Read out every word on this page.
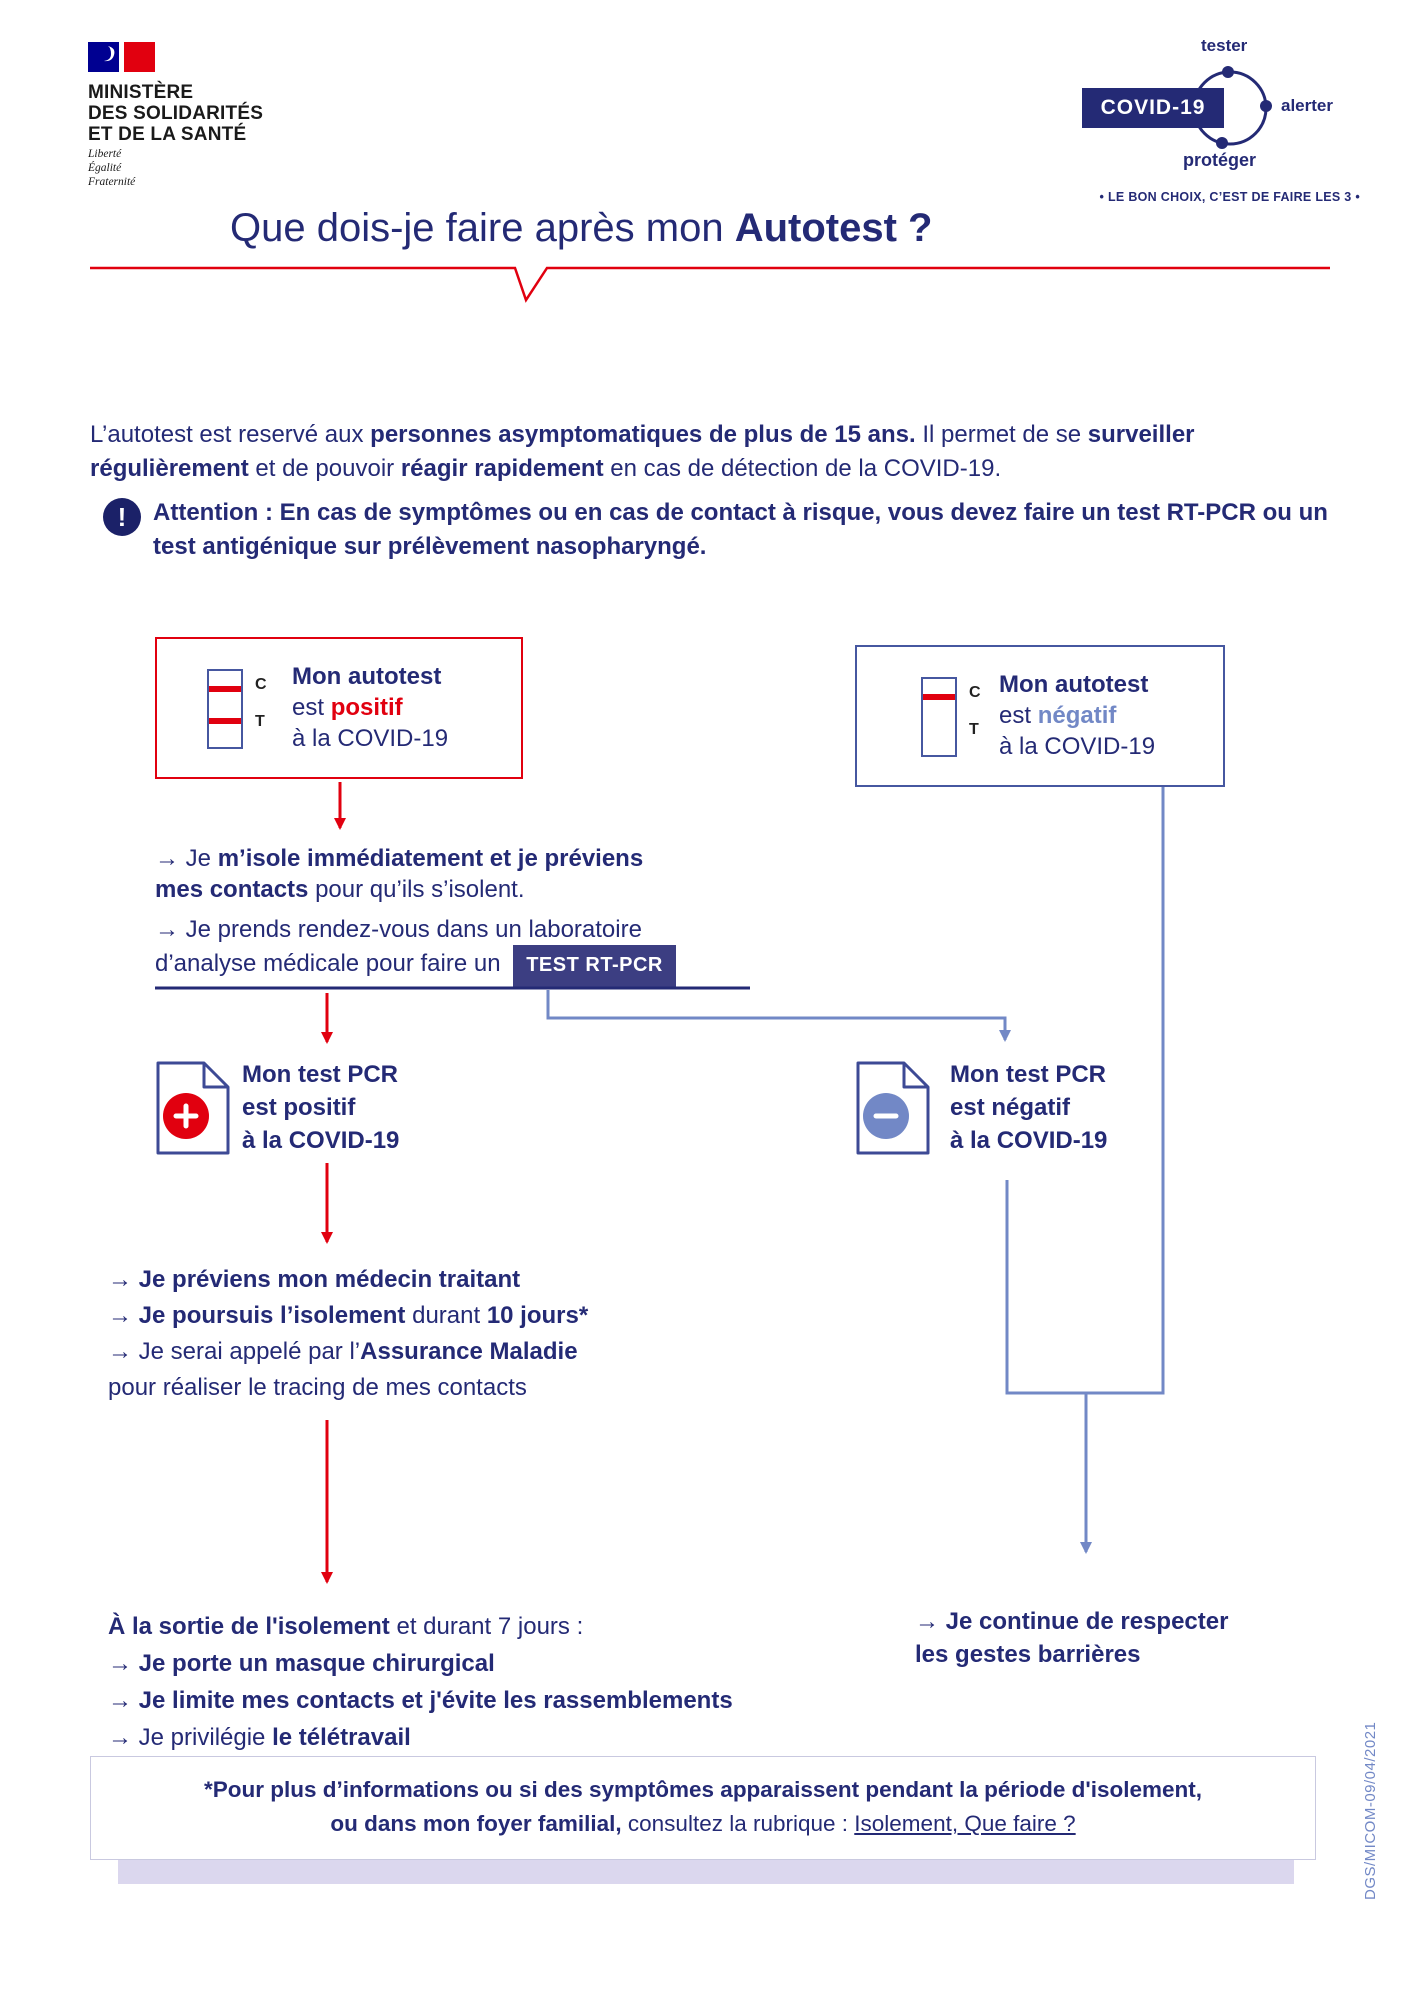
MINISTÈRE
DES SOLIDARITÉS
ET DE LA SANTÉ
Liberté
Égalité
Fraternité
tester
COVID-19	alerter
protéger
• LE BON CHOIX, C’EST DE FAIRE LES 3 •
Que dois-je faire après mon Autotest ?
L’autotest est reservé aux personnes asymptomatiques de plus de 15 ans. Il permet de se surveiller régulièrement et de pouvoir réagir rapidement en cas de détection de la COVID-19.
!	Attention : En cas de symptômes ou en cas de contact à risque, vous devez faire un test RT-PCR ou un test antigénique sur prélèvement nasopharyngé.
C
T
Mon autotest
est positif
à la COVID-19
C
T
Mon autotest
est négatif
à la COVID-19
→ Je m’isole immédiatement et je préviens
mes contacts pour qu’ils s’isolent.
→ Je prends rendez-vous dans un laboratoire
d’analyse médicale pour faire un TEST RT-PCR
Mon test PCR
est positif
à la COVID-19
Mon test PCR
est négatif
à la COVID-19
→ Je préviens mon médecin traitant
→ Je poursuis l’isolement durant 10 jours*
→ Je serai appelé par l’Assurance Maladie
pour réaliser le tracing de mes contacts
À la sortie de l'isolement et durant 7 jours :
→ Je porte un masque chirurgical
→ Je limite mes contacts et j'évite les rassemblements
→ Je privilégie le télétravail
→ Je continue de respecter
les gestes barrières
*Pour plus d’informations ou si des symptômes apparaissent pendant la période d'isolement,
ou dans mon foyer familial, consultez la rubrique : Isolement, Que faire ?	DGS/MICOM-09/04/2021
